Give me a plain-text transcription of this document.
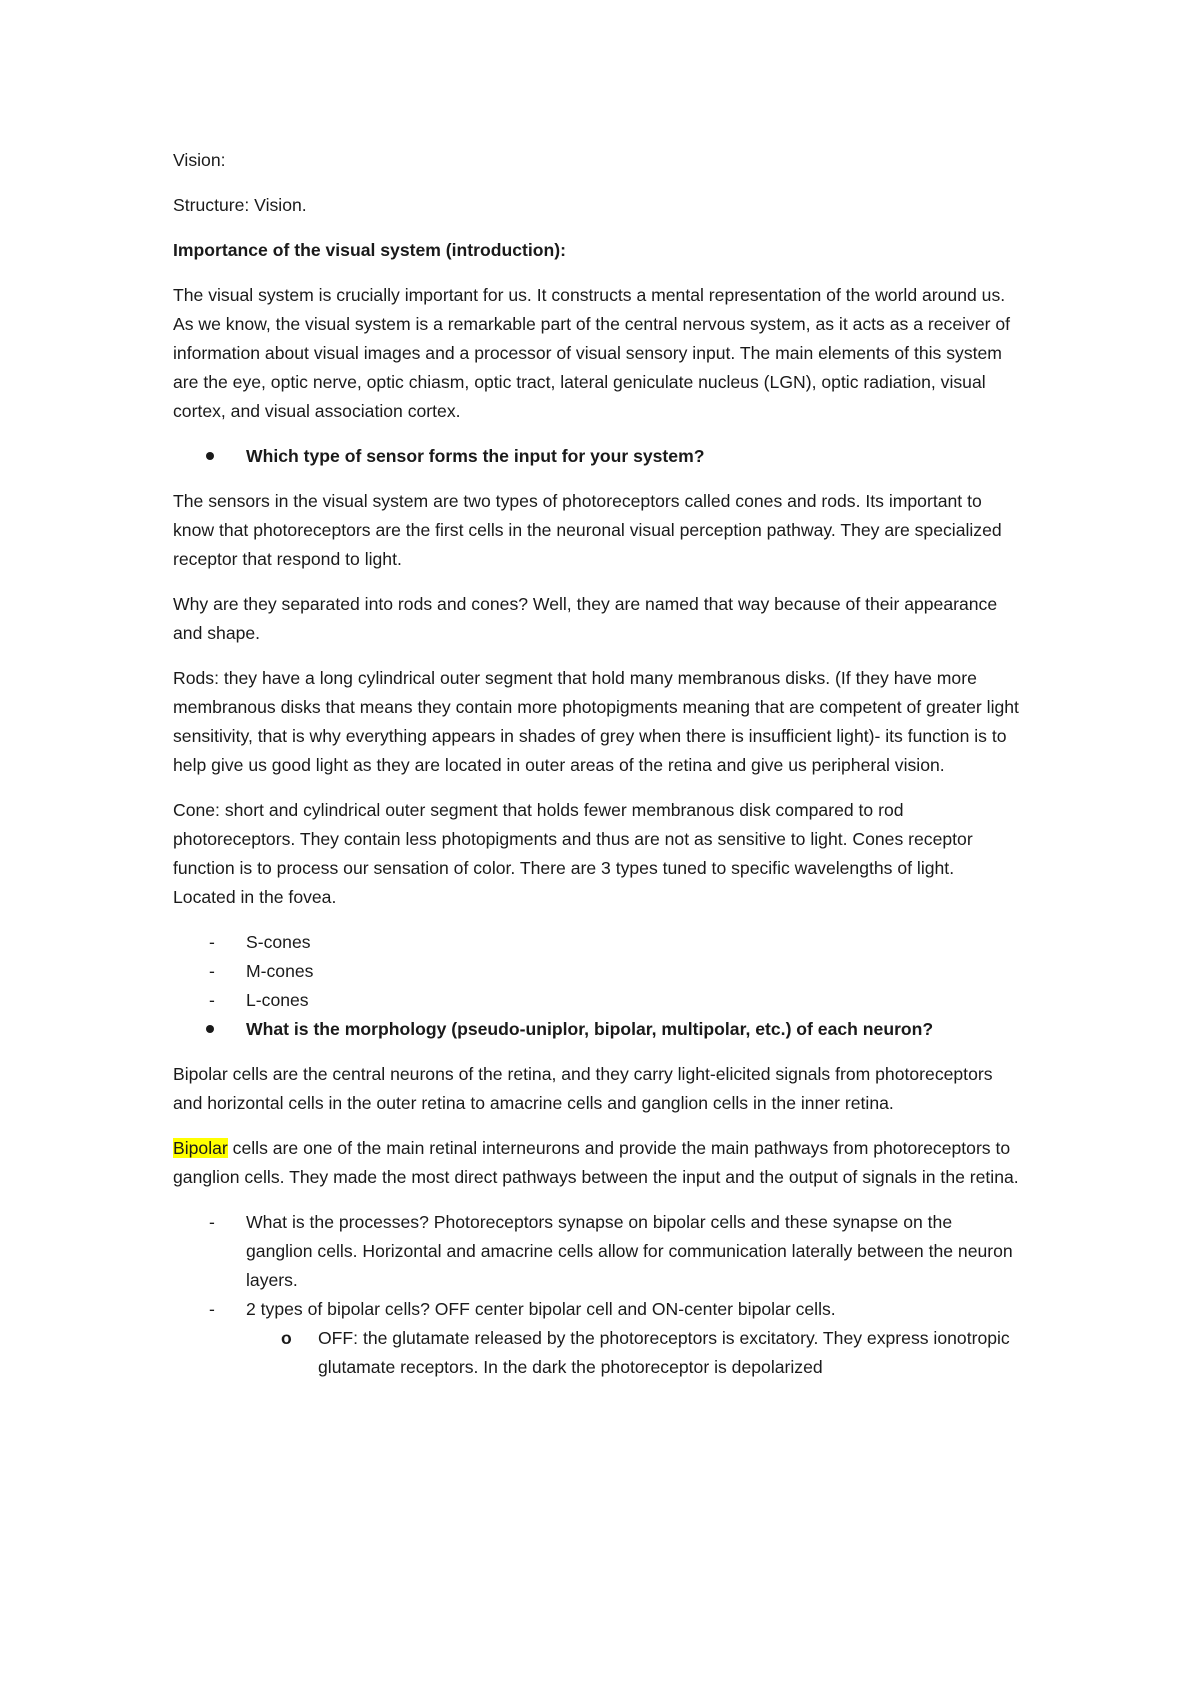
Vision:

Structure: Vision.

Importance of the visual system (introduction):

The visual system is crucially important for us. It constructs a mental representation of the world around us. As we know, the visual system is a remarkable part of the central nervous system, as it acts as a receiver of information about visual images and a processor of visual sensory input. The main elements of this system are the eye, optic nerve, optic chiasm, optic tract, lateral geniculate nucleus (LGN), optic radiation, visual cortex, and visual association cortex.

Which type of sensor forms the input for your system?

The sensors in the visual system are two types of photoreceptors called cones and rods. Its important to know that photoreceptors are the first cells in the neuronal visual perception pathway. They are specialized receptor that respond to light.

Why are they separated into rods and cones? Well, they are named that way because of their appearance and shape.

Rods: they have a long cylindrical outer segment that hold many membranous disks. (If they have more membranous disks that means they contain more photopigments meaning that are competent of greater light sensitivity, that is why everything appears in shades of grey when there is insufficient light)- its function is to help give us good light as they are located in outer areas of the retina and give us peripheral vision.

Cone: short and cylindrical outer segment that holds fewer membranous disk compared to rod photoreceptors. They contain less photopigments and thus are not as sensitive to light. Cones receptor function is to process our sensation of color. There are 3 types tuned to specific wavelengths of light. Located in the fovea.

- S-cones
- M-cones
- L-cones
What is the morphology (pseudo-uniplor, bipolar, multipolar, etc.) of each neuron?

Bipolar cells are the central neurons of the retina, and they carry light-elicited signals from photoreceptors and horizontal cells in the outer retina to amacrine cells and ganglion cells in the inner retina.

Bipolar cells are one of the main retinal interneurons and provide the main pathways from photoreceptors to ganglion cells. They made the most direct pathways between the input and the output of signals in the retina.

- What is the processes? Photoreceptors synapse on bipolar cells and these synapse on the ganglion cells. Horizontal and amacrine cells allow for communication laterally between the neuron layers.
- 2 types of bipolar cells? OFF center bipolar cell and ON-center bipolar cells.
o OFF: the glutamate released by the photoreceptors is excitatory. They express ionotropic glutamate receptors. In the dark the photoreceptor is depolarized
